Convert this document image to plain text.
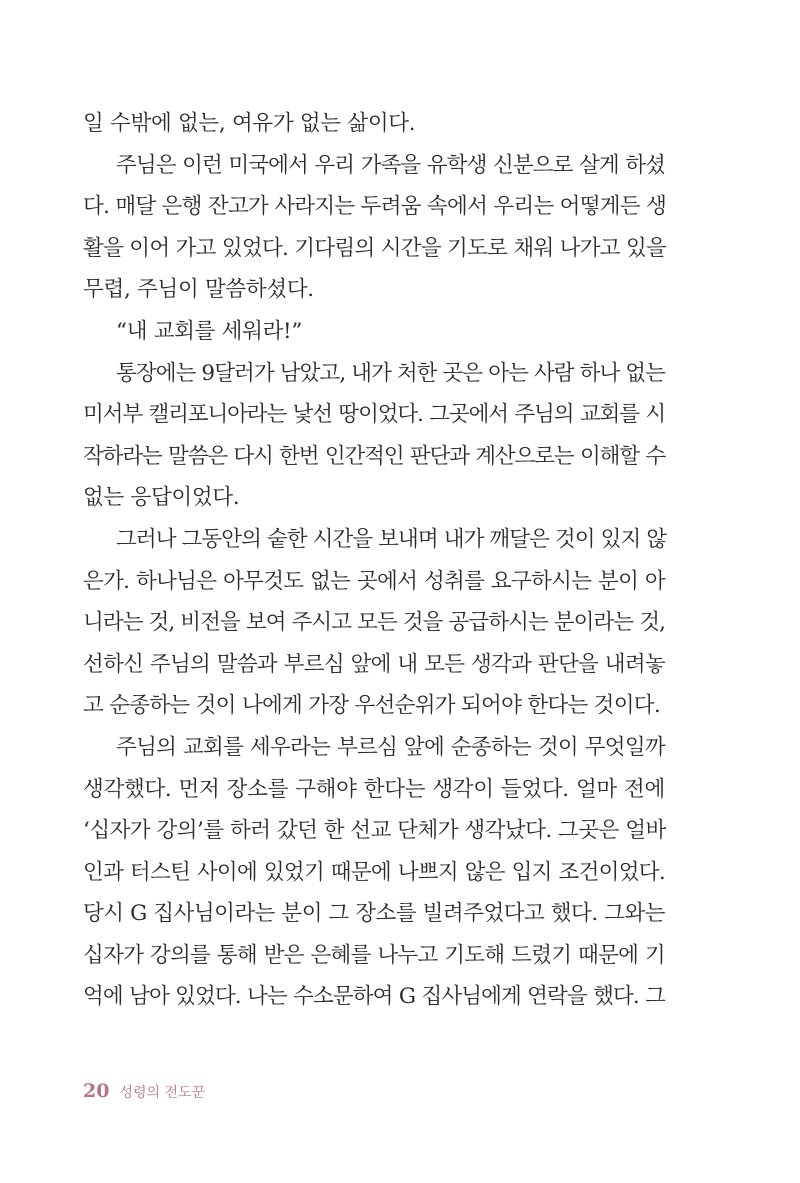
일 수밖에 없는, 여유가 없는 삶이다.
주님은 이런 미국에서 우리 가족을 유학생 신분으로 살게 하셨
다. 매달 은행 잔고가 사라지는 두려움 속에서 우리는 어떻게든 생
활을 이어 가고 있었다. 기다림의 시간을 기도로 채워 나가고 있을
무렵, 주님이 말씀하셨다.
“내 교회를 세워라!”
통장에는 9달러가 남았고, 내가 처한 곳은 아는 사람 하나 없는
미서부 캘리포니아라는 낯선 땅이었다. 그곳에서 주님의 교회를 시
작하라는 말씀은 다시 한번 인간적인 판단과 계산으로는 이해할 수
없는 응답이었다.
그러나 그동안의 숱한 시간을 보내며 내가 깨달은 것이 있지 않
은가. 하나님은 아무것도 없는 곳에서 성취를 요구하시는 분이 아
니라는 것, 비전을 보여 주시고 모든 것을 공급하시는 분이라는 것,
선하신 주님의 말씀과 부르심 앞에 내 모든 생각과 판단을 내려놓
고 순종하는 것이 나에게 가장 우선순위가 되어야 한다는 것이다.
주님의 교회를 세우라는 부르심 앞에 순종하는 것이 무엇일까
생각했다. 먼저 장소를 구해야 한다는 생각이 들었다. 얼마 전에
‘십자가 강의’를 하러 갔던 한 선교 단체가 생각났다. 그곳은 얼바
인과 터스틴 사이에 있었기 때문에 나쁘지 않은 입지 조건이었다.
당시 G 집사님이라는 분이 그 장소를 빌려주었다고 했다. 그와는
십자가 강의를 통해 받은 은혜를 나누고 기도해 드렸기 때문에 기
억에 남아 있었다. 나는 수소문하여 G 집사님에게 연락을 했다. 그
20 성령의 전도꾼
